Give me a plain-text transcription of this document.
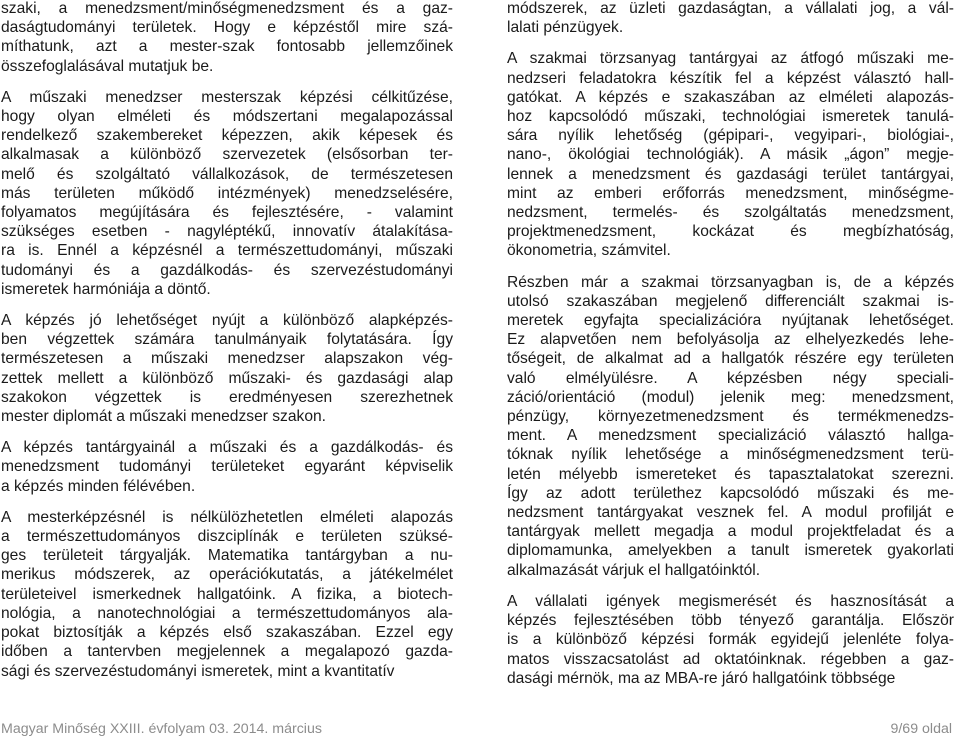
szaki, a menedzsment/minőségmenedzsment és a gaz-
daságtudományi területek. Hogy e képzéstől mire szá-
míthatunk, azt a mester-szak fontosabb jellemzőinek
összefoglalásával mutatjuk be.

A műszaki menedzser mesterszak képzési célkitűzése,
hogy olyan elméleti és módszertani megalapozással
rendelkező szakembereket képezzen, akik képesek és
alkalmasak a különböző szervezetek (elsősorban ter-
melő és szolgáltató vállalkozások, de természetesen
más területen működő intézmények) menedzselésére,
folyamatos megújítására és fejlesztésére, - valamint
szükséges esetben - nagyléptékű, innovatív átalakítása-
ra is. Ennél a képzésnél a természettudományi, műszaki
tudományi és a gazdálkodás- és szervezéstudományi
ismeretek harmóniája a döntő.

A képzés jó lehetőséget nyújt a különböző alapképzés-
ben végzettek számára tanulmányaik folytatására. Így
természetesen a műszaki menedzser alapszakon vég-
zettek mellett a különböző műszaki- és gazdasági alap
szakokon végzettek is eredményesen szerezhetnek
mester diplomát a műszaki menedzser szakon.

A képzés tantárgyainál a műszaki és a gazdálkodás- és
menedzsment tudományi területeket egyaránt képviselik
a képzés minden félévében.

A mesterképzésnél is nélkülözhetetlen elméleti alapozás
a természettudományos diszciplínák e területen szüksé-
ges területeit tárgyalják. Matematika tantárgyban a nu-
merikus módszerek, az operációkutatás, a játékelmélet
területeivel ismerkednek hallgatóink. A fizika, a biotech-
nológia, a nanotechnológiai a természettudományos ala-
pokat biztosítják a képzés első szakaszában. Ezzel egy
időben a tantervben megjelennek a megalapozó gazda-
sági és szervezéstudományi ismeretek, mint a kvantitatív

módszerek, az üzleti gazdaságtan, a vállalati jog, a vál-
lalati pénzügyek.

A szakmai törzsanyag tantárgyai az átfogó műszaki me-
nedzseri feladatokra készítik fel a képzést választó hall-
gatókat. A képzés e szakaszában az elméleti alapozás-
hoz kapcsolódó műszaki, technológiai ismeretek tanulá-
sára nyílik lehetőség (gépipari-, vegyipari-, biológiai-,
nano-, ökológiai technológiák). A másik „ágon” megje-
lennek a menedzsment és gazdasági terület tantárgyai,
mint az emberi erőforrás menedzsment, minőségme-
nedzsment, termelés- és szolgáltatás menedzsment,
projektmenedzsment, kockázat és megbízhatóság,
ökonometria, számvitel.

Részben már a szakmai törzsanyagban is, de a képzés
utolsó szakaszában megjelenő differenciált szakmai is-
meretek egyfajta specializációra nyújtanak lehetőséget.
Ez alapvetően nem befolyásolja az elhelyezkedés lehe-
tőségeit, de alkalmat ad a hallgatók részére egy területen
való elmélyülésre. A képzésben négy speciali-
záció/orientáció (modul) jelenik meg: menedzsment,
pénzügy, környezetmenedzsment és termékmenedzs-
ment. A menedzsment specializáció választó hallga-
tóknak nyílik lehetősége a minőségmenedzsment terü-
letén mélyebb ismereteket és tapasztalatokat szerezni.
Így az adott területhez kapcsolódó műszaki és me-
nedzsment tantárgyakat vesznek fel. A modul profilját e
tantárgyak mellett megadja a modul projektfeladat és a
diplomamunka, amelyekben a tanult ismeretek gyakorlati
alkalmazását várjuk el hallgatóinktól.

A vállalati igények megismerését és hasznosítását a
képzés fejlesztésében több tényező garantálja. Először
is a különböző képzési formák egyidejű jelenléte folya-
matos visszacsatolást ad oktatóinknak. régebben a gaz-
dasági mérnök, ma az MBA-re járó hallgatóink többsége

Magyar Minőség XXIII. évfolyam 03. 2014. március	9/69 oldal
